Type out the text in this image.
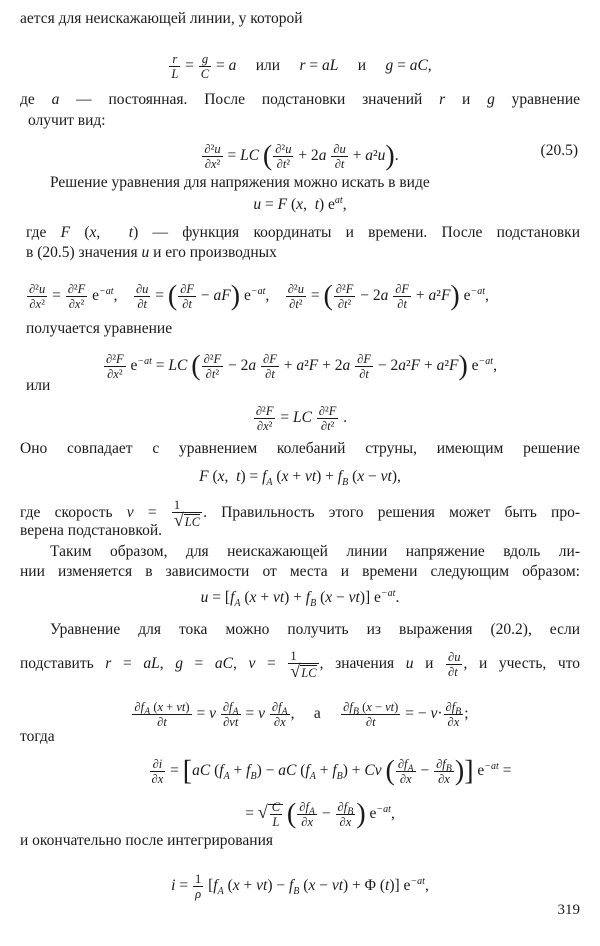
ается для неискажающей линии, у которой
$\frac{r}{L} = \frac{g}{C} = a$     или     r = aL     и     g = aC,
де a — постоянная. После подстановки значений r и g уравнение
олучит вид:
$\frac{\text{∂²u}}{\text{∂x²}}$ = LC ( $\frac{\text{∂²u}}{\text{∂t²}} + 2a \frac{\partial u}{\partial t} + a^2u$).	(20.5)
Решение уравнения для напряжения можно искать в виде
u = F (x,  t) $e^{at}$,
где F (x,  t) — функция координаты и времени. После подстановки
в (20.5) значения u и его производных
$\frac{\text{∂²u}}{\text{∂x²}} = \frac{\text{∂²F}}{\text{∂x²}} e^{-at}$, $\frac{\partial u}{\partial t}$ = ( $\frac{\partial F}{\partial t} - aF$) $e^{-at}$, $\frac{\text{∂²u}}{\text{∂t²}}$ = ( $\frac{\text{∂²F}}{\text{∂t²}} - 2a \frac{\partial F}{\partial t} + a^2F$) $e^{-at}$,
получается уравнение
$\frac{\text{∂²F}}{\text{∂x²}} e^{-at}$ = LC ( $\frac{\text{∂²F}}{\text{∂t²}} - 2a \frac{\partial F}{\partial t} + a^2F + 2a \frac{\partial F}{\partial t} - 2a^2F + a^2F$) $e^{-at}$,
или
$\frac{\text{∂²F}}{\text{∂x²}}$ = LC $\frac{\text{∂²F}}{\text{∂t²}}$ .
Оно совпадает с уравнением колебаний струны, имеющим решение
F (x,  $t) = f_A$ $(x + vt) + f_B$ (x − vt),
где скорость $v = \frac{1}{√LC}$ . Правильность этого решения может быть про-
верена подстановкой.
Таким образом, для неискажающей линии напряжение вдоль ли-
нии изменяется в зависимости от места и времени следующим образом:
$u = [f_A$ $(x + vt) + f_B$ (x − vt)] $e^{-at}$.
Уравнение для тока можно получить из выражения (20.2), если
подставить r = aL, g = aC, $v = \frac{1}{√LC}$ , значения u и $\frac{\partial u}{\partial t}$ , и учесть, что
$\frac{\partial f_A (x + vt)}{\partial t} = v \frac{\partial f_A}{\partial vt} = v \frac{\partial f_A}{\partial x}$ ,     а $\frac{\partial f_B (x - vt)}{\partial t}$ = − $v\cdot \frac{\partial f_B}{\partial x}$ ;
тогда
$\frac{\partial i}{\partial x} = [aC$ $(f_A + f_B)$ − aC $(f_A + f_B) + Cv$ ( $\frac{\partial f_A}{\partial x} - \frac{\partial f_B}{\partial x}$ )] $e^{-at}$ =
= √ $\frac{C}{L}$ ( $\frac{\partial f_A}{\partial x} - \frac{\partial f_B}{\partial x}$ ) $e^{-at}$,
и окончательно после интегрирования
$i = \frac{1}{\rho} [f_A$ $(x + vt) - f_B$ (x − vt) + Φ (t)] $e^{-at}$,
319
